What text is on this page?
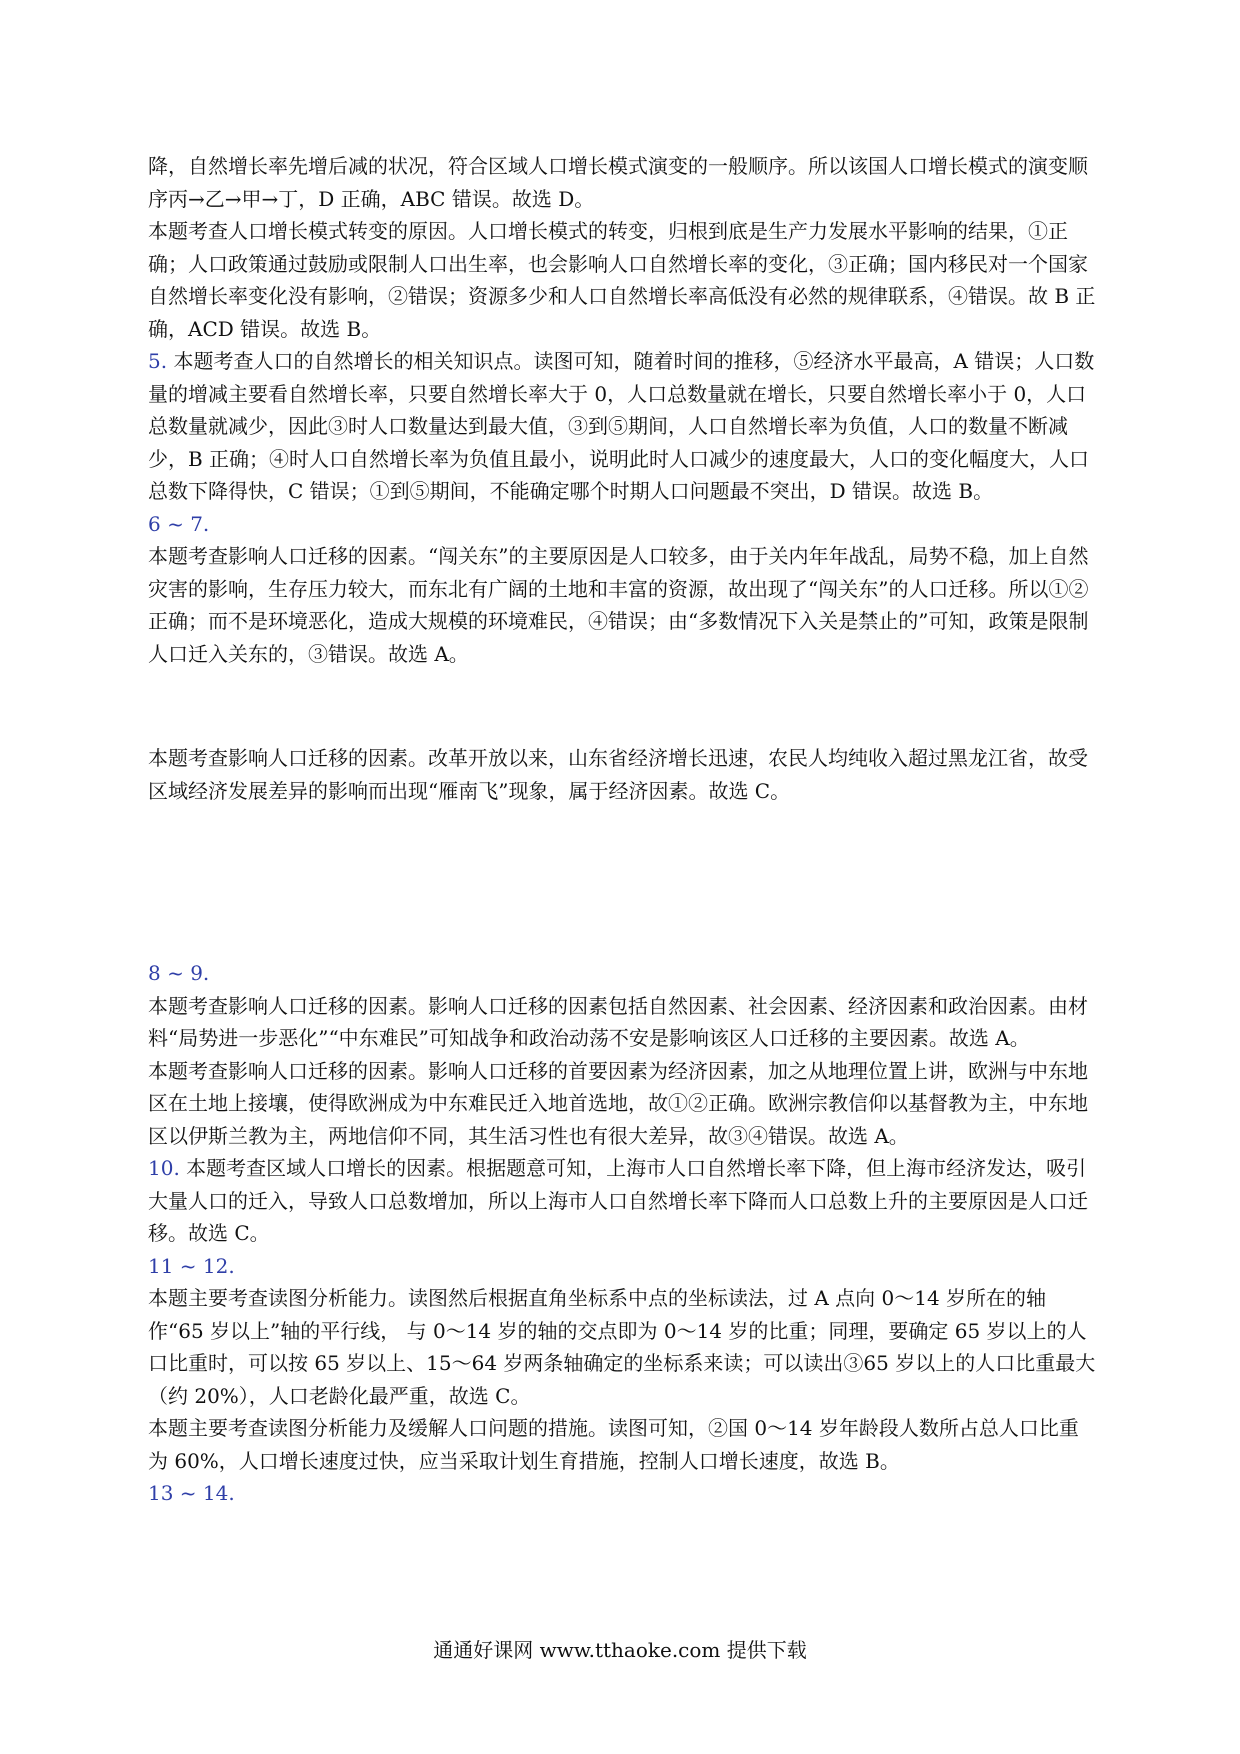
降，自然增长率先增后减的状况，符合区域人口增长模式演变的一般顺序。所以该国人口增长模式的演变顺序丙→乙→甲→丁，D 正确，ABC 错误。故选 D。

本题考查人口增长模式转变的原因。人口增长模式的转变，归根到底是生产力发展水平影响的结果，①正确；人口政策通过鼓励或限制人口出生率，也会影响人口自然增长率的变化，③正确；国内移民对一个国家自然增长率变化没有影响，②错误；资源多少和人口自然增长率高低没有必然的规律联系，④错误。故 B 正确，ACD 错误。故选 B。

5. 本题考查人口的自然增长的相关知识点。读图可知，随着时间的推移，⑤经济水平最高，A 错误；人口数量的增减主要看自然增长率，只要自然增长率大于 0，人口总数量就在增长，只要自然增长率小于 0，人口总数量就减少，因此③时人口数量达到最大值，③到⑤期间，人口自然增长率为负值，人口的数量不断减少，B 正确；④时人口自然增长率为负值且最小，说明此时人口减少的速度最大，人口的变化幅度大，人口总数下降得快，C 错误；①到⑤期间，不能确定哪个时期人口问题最不突出，D 错误。故选 B。

6 ~ 7.

本题考查影响人口迁移的因素。“闯关东”的主要原因是人口较多，由于关内年年战乱，局势不稳，加上自然灾害的影响，生存压力较大，而东北有广阔的土地和丰富的资源，故出现了“闯关东”的人口迁移。所以①②正确；而不是环境恶化，造成大规模的环境难民，④错误；由“多数情况下入关是禁止的”可知，政策是限制人口迁入关东的，③错误。故选 A。

本题考查影响人口迁移的因素。改革开放以来，山东省经济增长迅速，农民人均纯收入超过黑龙江省，故受区域经济发展差异的影响而出现“雁南飞”现象，属于经济因素。故选 C。

8 ~ 9.

本题考查影响人口迁移的因素。影响人口迁移的因素包括自然因素、社会因素、经济因素和政治因素。由材料“局势进一步恶化”“中东难民”可知战争和政治动荡不安是影响该区人口迁移的主要因素。故选 A。

本题考查影响人口迁移的因素。影响人口迁移的首要因素为经济因素，加之从地理位置上讲，欧洲与中东地区在土地上接壤，使得欧洲成为中东难民迁入地首选地，故①②正确。欧洲宗教信仰以基督教为主，中东地区以伊斯兰教为主，两地信仰不同，其生活习性也有很大差异，故③④错误。故选 A。

10. 本题考查区域人口增长的因素。根据题意可知，上海市人口自然增长率下降，但上海市经济发达，吸引大量人口的迁入，导致人口总数增加，所以上海市人口自然增长率下降而人口总数上升的主要原因是人口迁移。故选 C。

11 ~ 12.

本题主要考查读图分析能力。读图然后根据直角坐标系中点的坐标读法，过 A 点向 0～14 岁所在的轴作“65 岁以上”轴的平行线， 与 0～14 岁的轴的交点即为 0～14 岁的比重；同理，要确定 65 岁以上的人口比重时，可以按 65 岁以上、15～64 岁两条轴确定的坐标系来读；可以读出③65 岁以上的人口比重最大（约 20%），人口老龄化最严重，故选 C。

本题主要考查读图分析能力及缓解人口问题的措施。读图可知，②国 0～14 岁年龄段人数所占总人口比重为 60%，人口增长速度过快，应当采取计划生育措施，控制人口增长速度，故选 B。

13 ~ 14.

通通好课网 www.tthaoke.com 提供下载
